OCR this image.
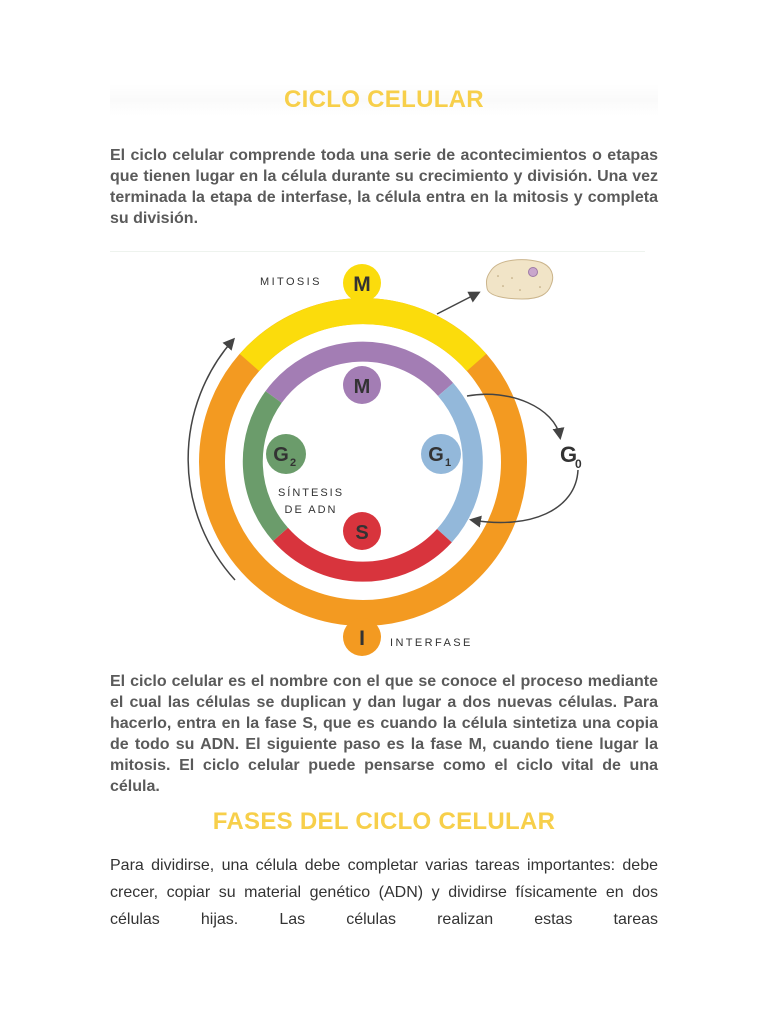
CICLO CELULAR

El ciclo celular comprende toda una serie de acontecimientos o etapas que tienen lugar en la célula durante su crecimiento y división. Una vez terminada la etapa de interfase, la célula entra en la mitosis y completa su división.

M
I
M
G 2	G 1
S
G
0
MITOSIS
INTERFASE
SÍNTESIS
DE ADN

El ciclo celular es el nombre con el que se conoce el proceso mediante el cual las células se duplican y dan lugar a dos nuevas células. Para hacerlo, entra en la fase S, que es cuando la célula sintetiza una copia de todo su ADN. El siguiente paso es la fase M, cuando tiene lugar la mitosis. El ciclo celular puede pensarse como el ciclo vital de una célula.

FASES DEL CICLO CELULAR

Para dividirse, una célula debe completar varias tareas importantes: debe crecer, copiar su material genético (ADN) y dividirse físicamente en dos células hijas. Las células realizan estas tareas
